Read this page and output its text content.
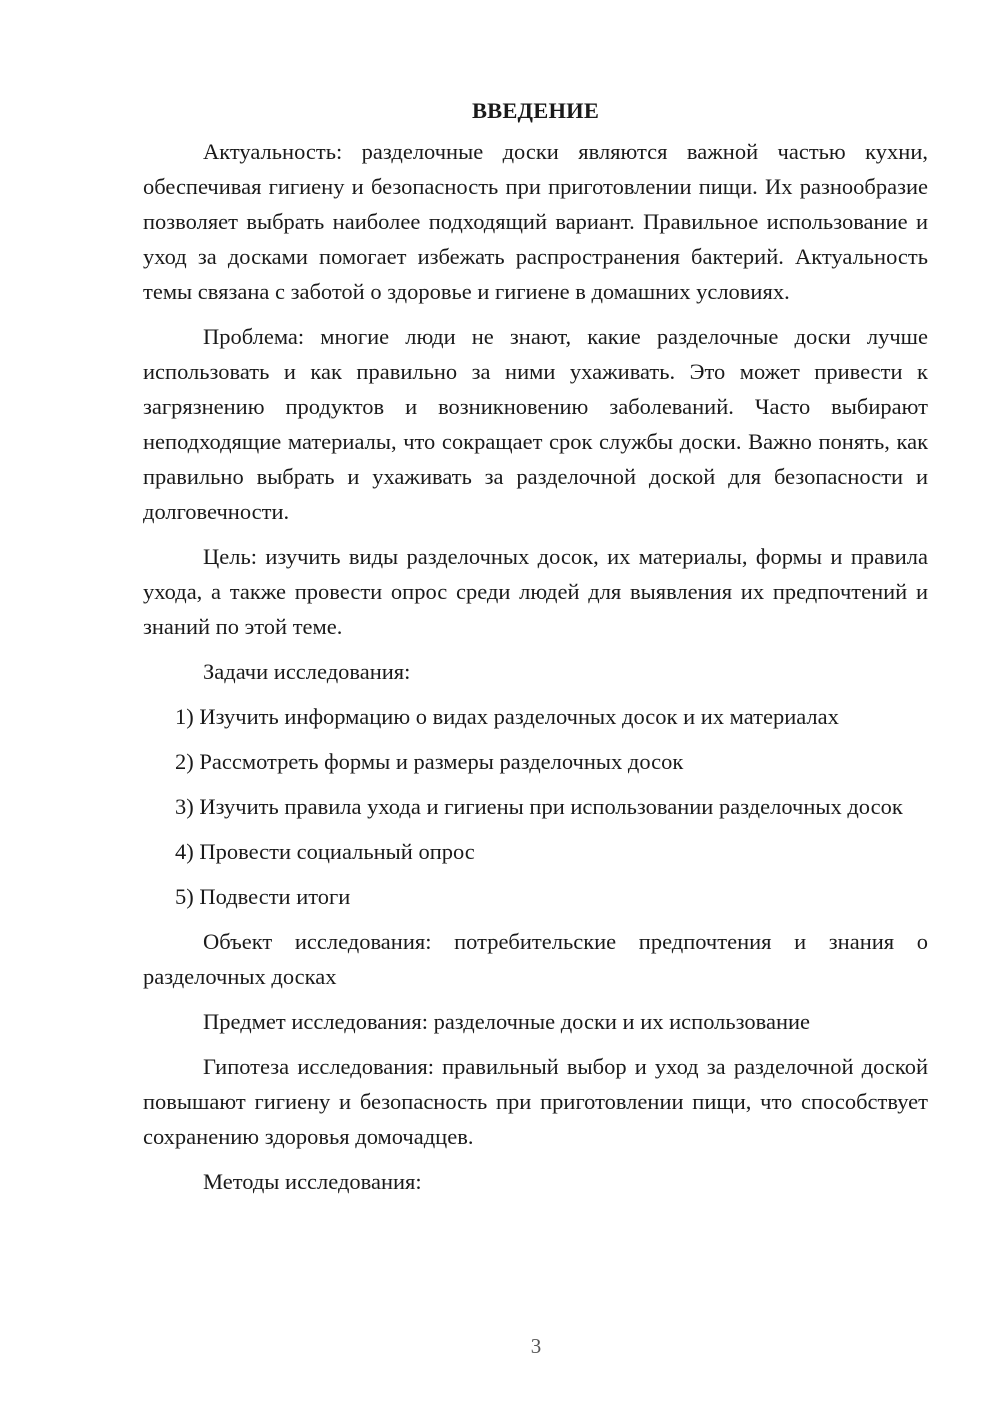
ВВЕДЕНИЕ

Актуальность: разделочные доски являются важной частью кухни, обеспечивая гигиену и безопасность при приготовлении пищи. Их разнообразие позволяет выбрать наиболее подходящий вариант. Правильное использование и уход за досками помогает избежать распространения бактерий. Актуальность темы связана с заботой о здоровье и гигиене в домашних условиях.

Проблема: многие люди не знают, какие разделочные доски лучше использовать и как правильно за ними ухаживать. Это может привести к загрязнению продуктов и возникновению заболеваний. Часто выбирают неподходящие материалы, что сокращает срок службы доски. Важно понять, как правильно выбрать и ухаживать за разделочной доской для безопасности и долговечности.

Цель: изучить виды разделочных досок, их материалы, формы и правила ухода, а также провести опрос среди людей для выявления их предпочтений и знаний по этой теме.

Задачи исследования:

1) Изучить информацию о видах разделочных досок и их материалах

2) Рассмотреть формы и размеры разделочных досок

3) Изучить правила ухода и гигиены при использовании разделочных досок

4) Провести социальный опрос

5) Подвести итоги

Объект исследования: потребительские предпочтения и знания о разделочных досках

Предмет исследования: разделочные доски и их использование

Гипотеза исследования: правильный выбор и уход за разделочной доской повышают гигиену и безопасность при приготовлении пищи, что способствует сохранению здоровья домочадцев.

Методы исследования:

3
